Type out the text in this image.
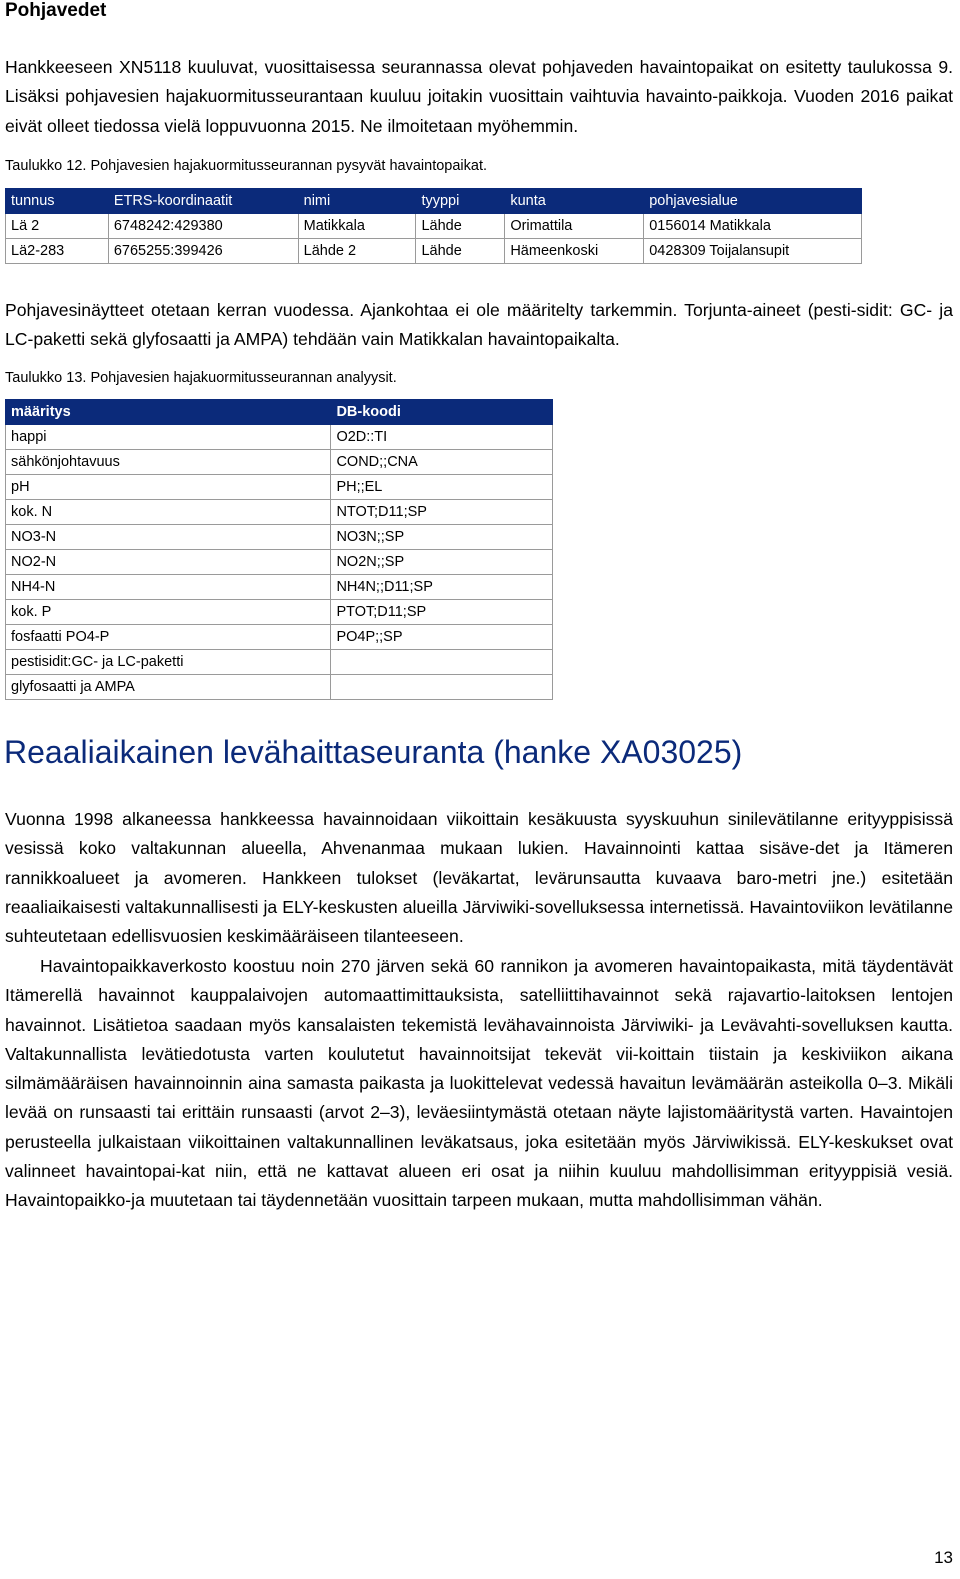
Pohjavedet

Hankkeeseen XN5118 kuuluvat, vuosittaisessa seurannassa olevat pohjaveden havaintopaikat on esitetty taulukossa 9. Lisäksi pohjavesien hajakuormitusseurantaan kuuluu joitakin vuosittain vaihtuvia havainto-paikkoja. Vuoden 2016 paikat eivät olleet tiedossa vielä loppuvuonna 2015. Ne ilmoitetaan myöhemmin.

Taulukko 12. Pohjavesien hajakuormitusseurannan pysyvät havaintopaikat.
tunnus	ETRS-koordinaatit	nimi	tyyppi	kunta	pohjavesialue
Lä 2	6748242:429380	Matikkala	Lähde	Orimattila	0156014 Matikkala
Lä2-283	6765255:399426	Lähde 2	Lähde	Hämeenkoski	0428309 Toijalansupit

Pohjavesinäytteet otetaan kerran vuodessa. Ajankohtaa ei ole määritelty tarkemmin. Torjunta-aineet (pesti-sidit: GC- ja LC-paketti sekä glyfosaatti ja AMPA) tehdään vain Matikkalan havaintopaikalta.

Taulukko 13. Pohjavesien hajakuormitusseurannan analyysit.
määritys	DB-koodi
happi	O2D::TI
sähkönjohtavuus	COND;;CNA
pH	PH;;EL
kok. N	NTOT;D11;SP
NO3-N	NO3N;;SP
NO2-N	NO2N;;SP
NH4-N	NH4N;;D11;SP
kok. P	PTOT;D11;SP
fosfaatti PO4-P	PO4P;;SP
pestisidit:GC- ja LC-paketti	
glyfosaatti ja AMPA	
Reaaliaikainen levähaittaseuranta (hanke XA03025)

Vuonna 1998 alkaneessa hankkeessa havainnoidaan viikoittain kesäkuusta syyskuuhun sinilevätilanne erityyppisissä vesissä koko valtakunnan alueella, Ahvenanmaa mukaan lukien. Havainnointi kattaa sisäve-det ja Itämeren rannikkoalueet ja avomeren. Hankkeen tulokset (leväkartat, levärunsautta kuvaava baro-metri jne.) esitetään reaaliaikaisesti valtakunnallisesti ja ELY-keskusten alueilla Järviwiki-sovelluksessa internetissä. Havaintoviikon levätilanne suhteutetaan edellisvuosien keskimääräiseen tilanteeseen.

Havaintopaikkaverkosto koostuu noin 270 järven sekä 60 rannikon ja avomeren havaintopaikasta, mitä täydentävät Itämerellä havainnot kauppalaivojen automaattimittauksista, satelliittihavainnot sekä rajavartio-laitoksen lentojen havainnot. Lisätietoa saadaan myös kansalaisten tekemistä levähavainnoista Järviwiki- ja Levävahti-sovelluksen kautta. Valtakunnallista levätiedotusta varten koulutetut havainnoitsijat tekevät vii-koittain tiistain ja keskiviikon aikana silmämääräisen havainnoinnin aina samasta paikasta ja luokittelevat vedessä havaitun levämäärän asteikolla 0–3. Mikäli levää on runsaasti tai erittäin runsaasti (arvot 2–3), leväesiintymästä otetaan näyte lajistomääritystä varten. Havaintojen perusteella julkaistaan viikoittainen valtakunnallinen leväkatsaus, joka esitetään myös Järviwikissä. ELY-keskukset ovat valinneet havaintopai-kat niin, että ne kattavat alueen eri osat ja niihin kuuluu mahdollisimman erityyppisiä vesiä. Havaintopaikko-ja muutetaan tai täydennetään vuosittain tarpeen mukaan, mutta mahdollisimman vähän.

13
